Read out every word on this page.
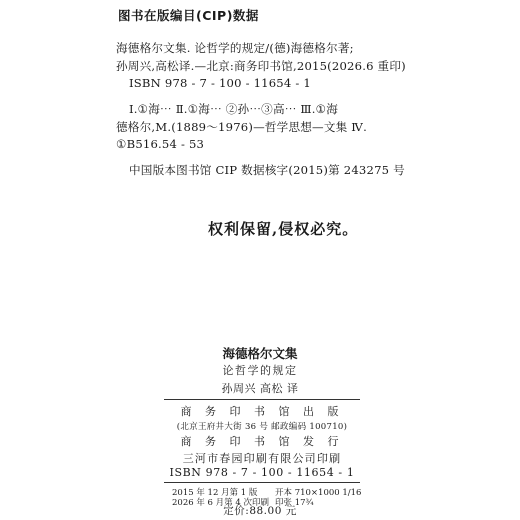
图书在版编目(CIP)数据
海德格尔文集. 论哲学的规定/(德)海德格尔著;
孙周兴,高松译.—北京:商务印书馆,2015(2026.6 重印)
ISBN 978 - 7 - 100 - 11654 - 1
Ⅰ.①海⋯ Ⅱ.①海⋯ ②孙⋯③高⋯ Ⅲ.①海
德格尔,M.(1889～1976)—哲学思想—文集 Ⅳ.
①B516.54 - 53
中国版本图书馆 CIP 数据核字(2015)第 243275 号
权利保留,侵权必究。
海德格尔文集
论哲学的规定
孙周兴 高松 译
商 务 印 书 馆 出 版
(北京王府井大街 36 号 邮政编码 100710)
商 务 印 书 馆 发 行
三河市春园印刷有限公司印刷
ISBN 978 - 7 - 100 - 11654 - 1
2015 年 12 月第 1 版 开本 710×1000 1/16
2026 年 6 月第 4 次印刷 印张 17¾
定价:88.00 元
